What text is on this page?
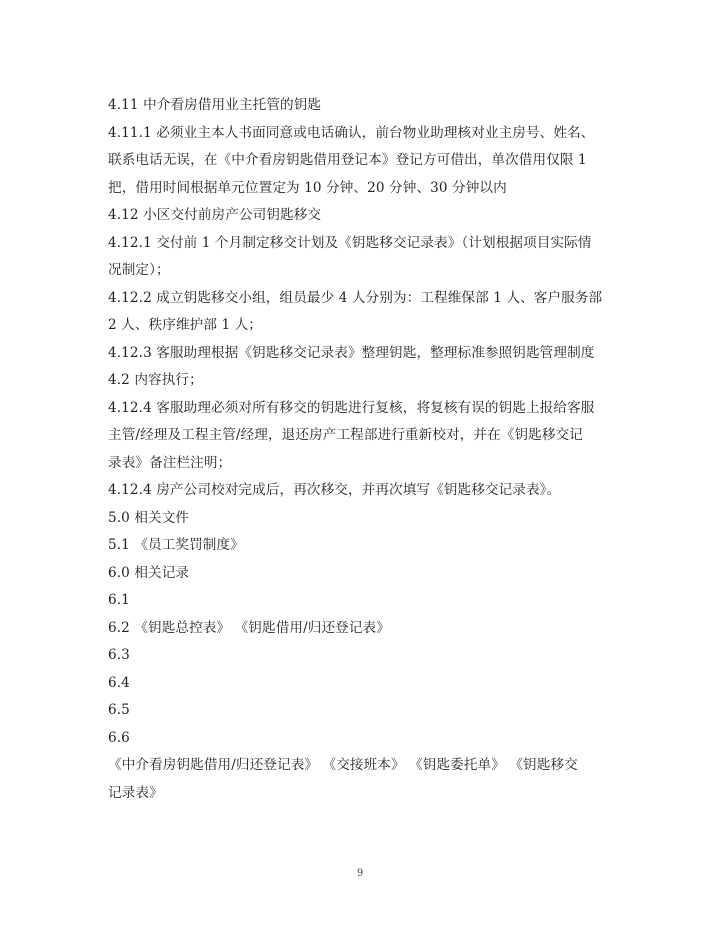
4.11 中介看房借用业主托管的钥匙
4.11.1 必须业主本人书面同意或电话确认，前台物业助理核对业主房号、姓名、
联系电话无误，在《中介看房钥匙借用登记本》登记方可借出，单次借用仅限 1
把，借用时间根据单元位置定为 10 分钟、20 分钟、30 分钟以内
4.12 小区交付前房产公司钥匙移交
4.12.1 交付前 1 个月制定移交计划及《钥匙移交记录表》（计划根据项目实际情
况制定）；
4.12.2 成立钥匙移交小组，组员最少 4 人分别为：工程维保部 1 人、客户服务部
2 人、秩序维护部 1 人；
4.12.3 客服助理根据《钥匙移交记录表》整理钥匙，整理标准参照钥匙管理制度
4.2 内容执行；
4.12.4 客服助理必须对所有移交的钥匙进行复核，将复核有误的钥匙上报给客服
主管/经理及工程主管/经理，退还房产工程部进行重新校对，并在《钥匙移交记
录表》备注栏注明；
4.12.4 房产公司校对完成后，再次移交，并再次填写《钥匙移交记录表》。
5.0 相关文件
5.1 《员工奖罚制度》
6.0 相关记录
6.1
6.2 《钥匙总控表》 《钥匙借用/归还登记表》
6.3
6.4
6.5
6.6
《中介看房钥匙借用/归还登记表》 《交接班本》 《钥匙委托单》 《钥匙移交
记录表》
9
